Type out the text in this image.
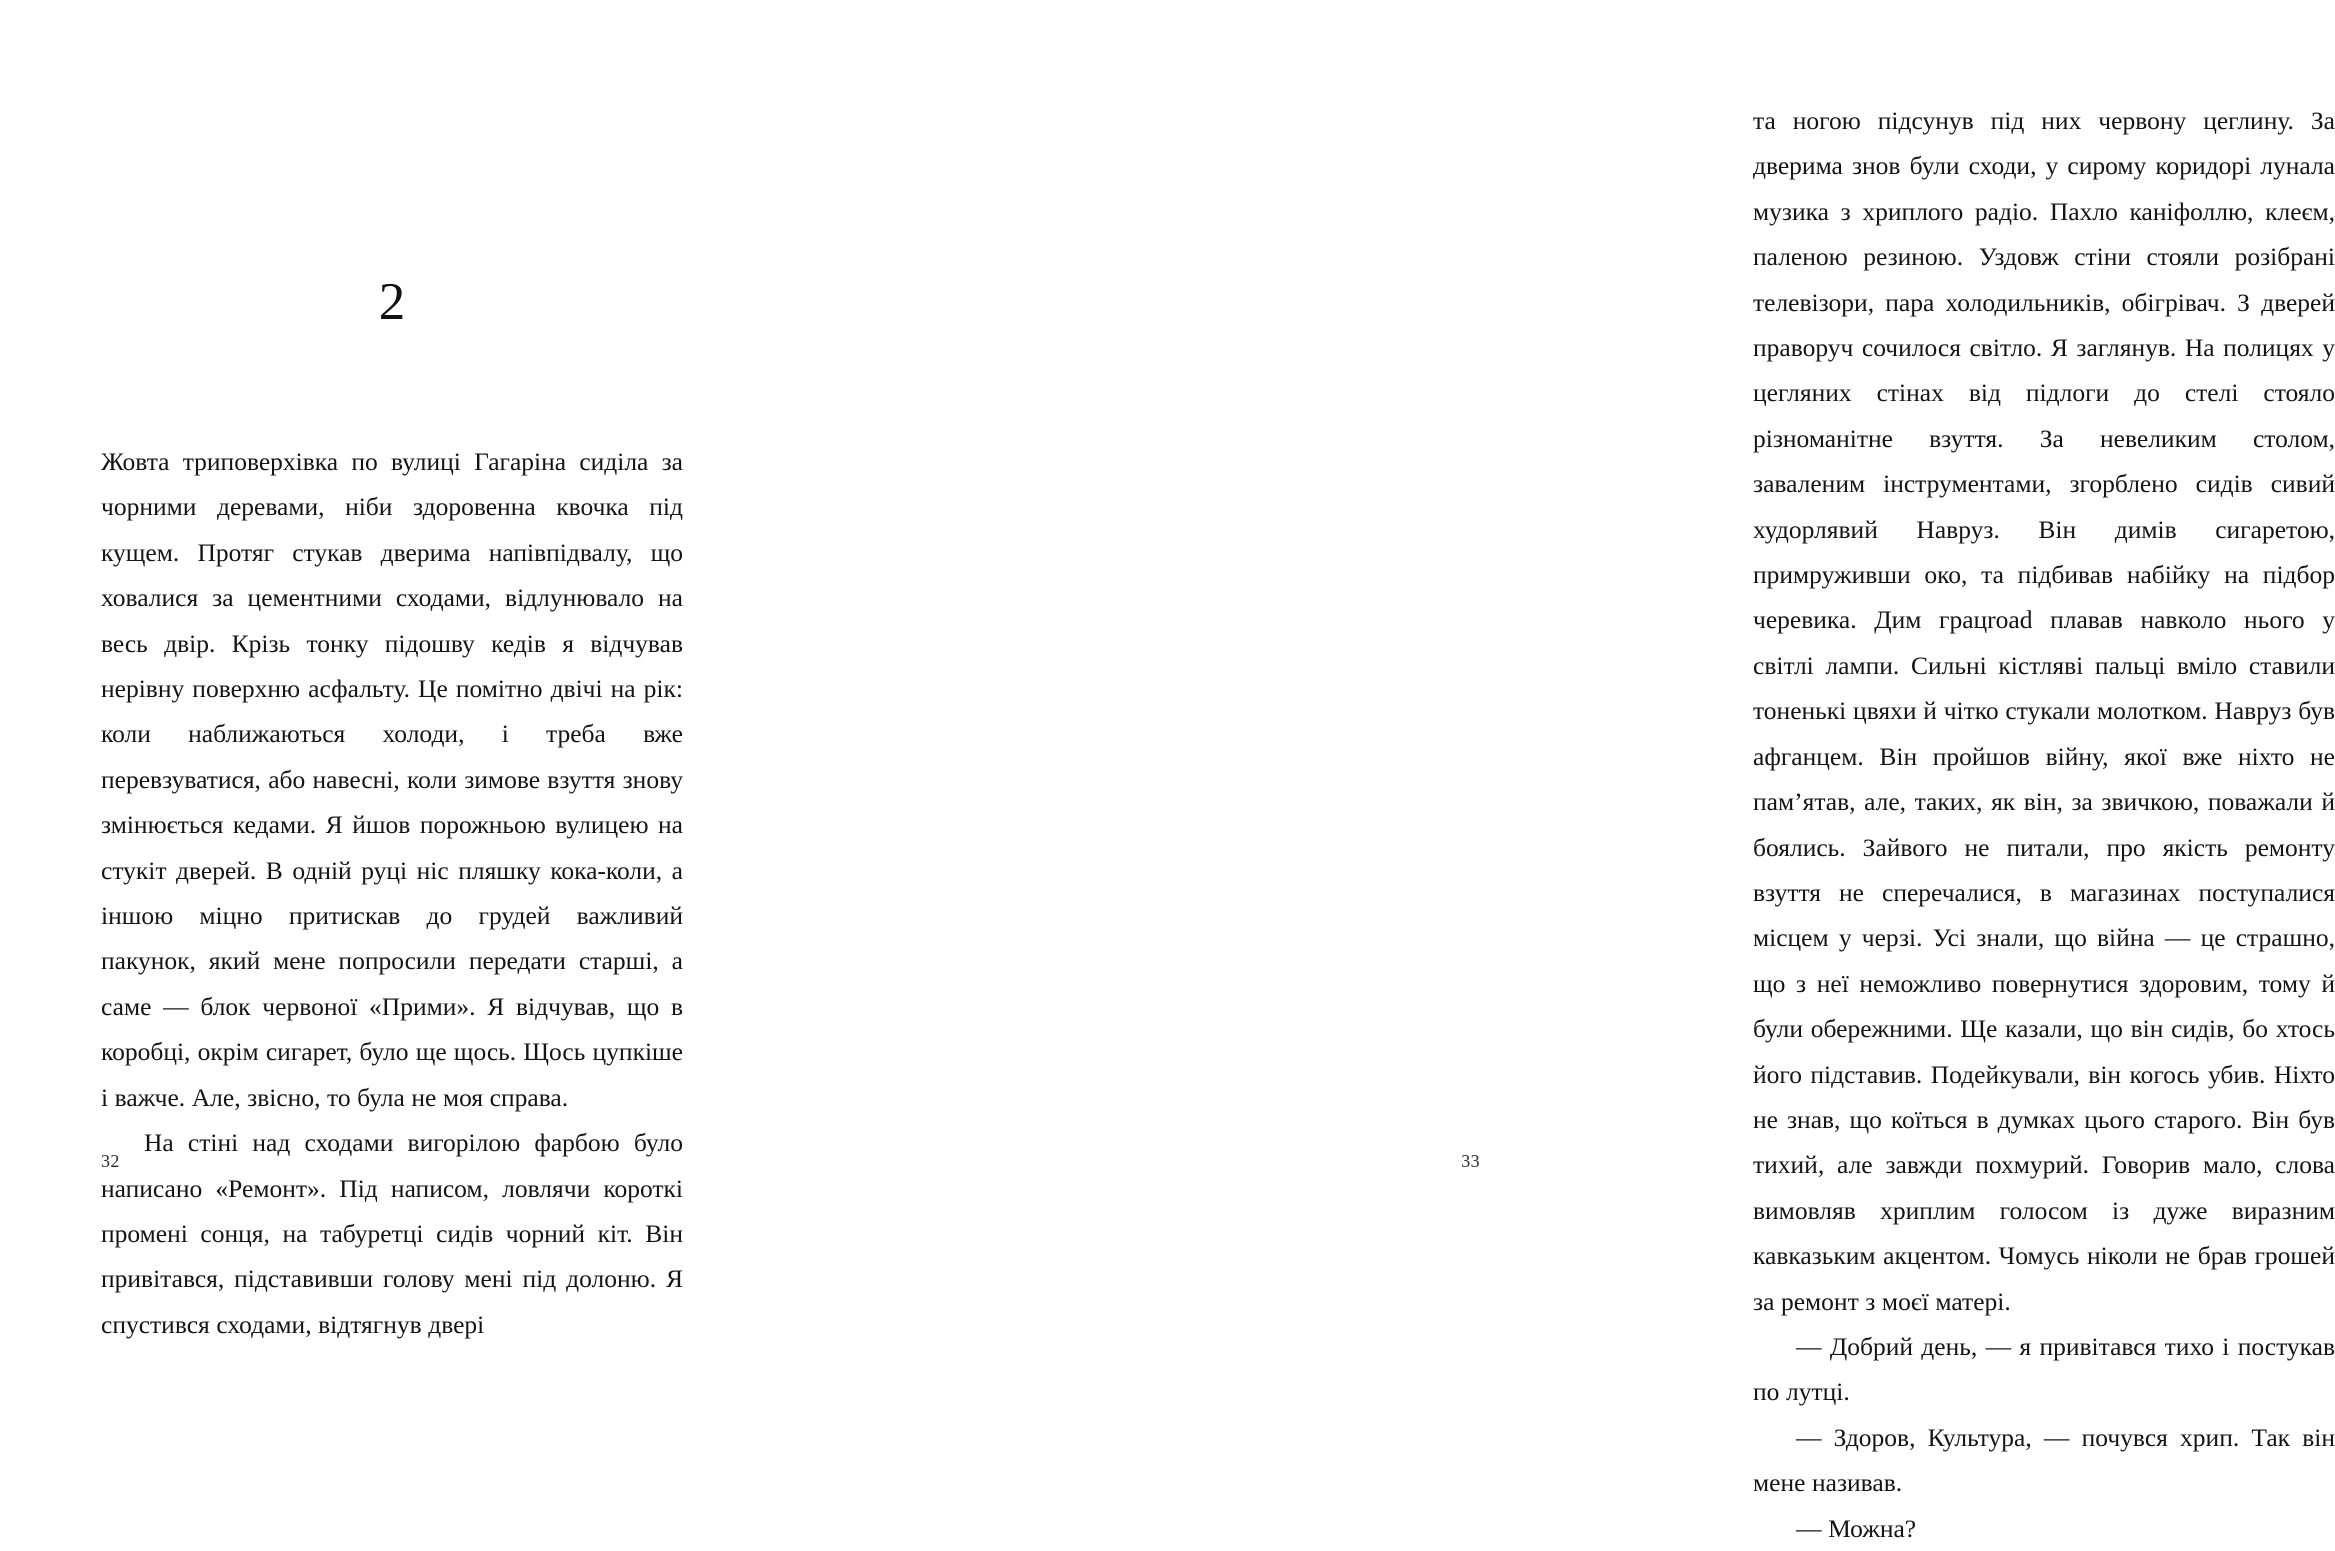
2

Жовта триповерхівка по вулиці Гагаріна сиділа за чорними деревами, ніби здоровенна квочка під кущем. Протяг стукав дверима напівпідвалу, що ховалися за цементними сходами, відлунювало на весь двір. Крізь тонку підошву кедів я відчував нерівну поверхню асфальту. Це помітно двічі на рік: коли наближаються холоди, і треба вже перевзуватися, або навесні, коли зимове взуття знову змінюється кедами. Я йшов порожньою вулицею на стукіт дверей. В одній руці ніс пляшку кока-коли, а іншою міцно притискав до грудей важливий пакунок, який мене попросили передати старші, а саме — блок червоної «Прими». Я відчував, що в коробці, окрім сигарет, було ще щось. Щось цупкіше і важче. Але, звісно, то була не моя справа.

На стіні над сходами вигорілою фарбою було написано «Ремонт». Під написом, ловлячи короткі промені сонця, на табуретці сидів чорний кіт. Він привітався, підставивши голову мені під долоню. Я спустився сходами, відтягнув двері

32

та ногою підсунув під них червону цеглину. За дверима знов були сходи, у сирому коридорі лунала музика з хриплого радіо. Пахло каніфоллю, клеєм, паленою резиною. Уздовж стіни стояли розібрані телевізори, пара холодильників, обігрівач. З дверей праворуч сочилося світло. Я заглянув. На полицях у цегляних стінах від підлоги до стелі стояло різноманітне взуття. За невеликим столом, заваленим інструментами, згорблено сидів сивий худорлявий Навруз. Він димів сигаретою, примруживши око, та підбивав набійку на підбор черевика. Дим грацroad плавав навколо нього у світлі лампи. Сильні кістляві пальці вміло ставили тоненькі цвяхи й чітко стукали молотком. Навруз був афганцем. Він пройшов війну, якої вже ніхто не пам’ятав, але, таких, як він, за звичкою, поважали й боялись. Зайвого не питали, про якість ремонту взуття не сперечалися, в магазинах поступалися місцем у черзі. Усі знали, що війна — це страшно, що з неї неможливо повернутися здоровим, тому й були обережними. Ще казали, що він сидів, бо хтось його підставив. Подейкували, він когось убив. Ніхто не знав, що коїться в думках цього старого. Він був тихий, але завжди похмурий. Говорив мало, слова вимовляв хриплим голосом із дуже виразним кавказьким акцентом. Чомусь ніколи не брав грошей за ремонт з моєї матері.

— Добрий день, — я привітався тихо і постукав по лутці.

— Здоров, Культура, — почувся хрип. Так він мене називав.

— Можна?

33
